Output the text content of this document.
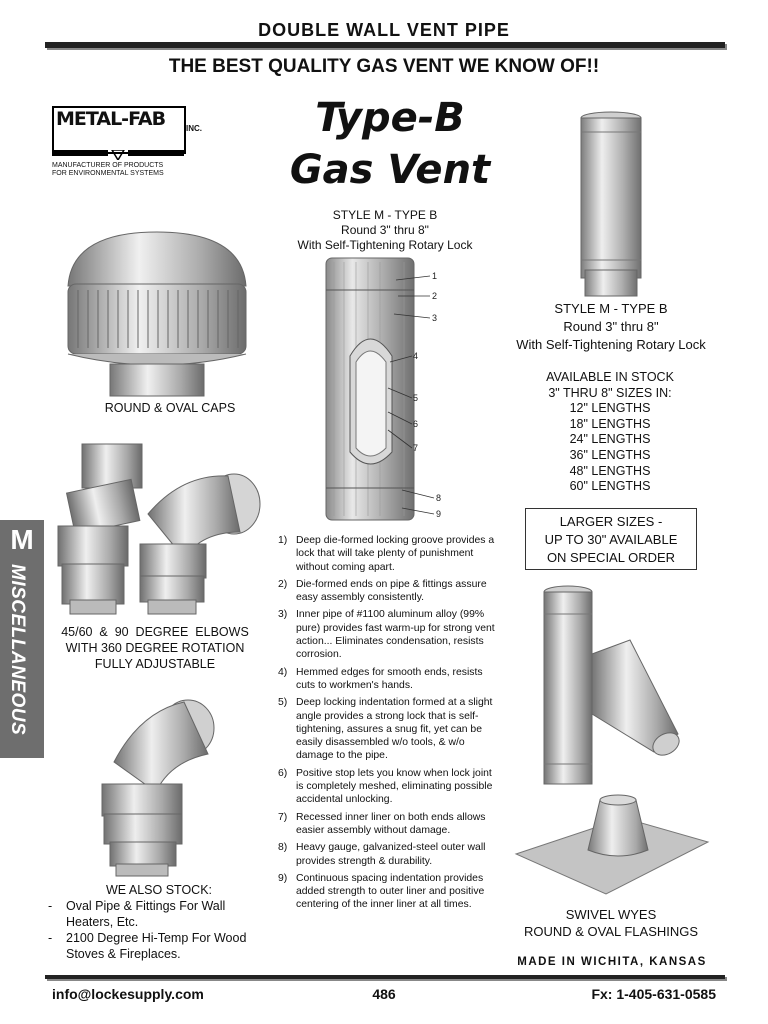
DOUBLE WALL VENT PIPE
THE BEST QUALITY GAS VENT WE KNOW OF!!
METAL-FAB	INC.
MANUFACTURER OF PRODUCTS
FOR ENVIRONMENTAL SYSTEMS
Type-B
Gas Vent
STYLE M - TYPE B
Round 3" thru 8"
With Self-Tightening Rotary Lock
1
2
3
4
5
6
7
8
9
STYLE M - TYPE B
Round 3" thru 8"
With Self-Tightening Rotary Lock
AVAILABLE IN STOCK
3" THRU 8" SIZES IN:
12" LENGTHS
18" LENGTHS
24" LENGTHS
36" LENGTHS
48" LENGTHS
60" LENGTHS
LARGER SIZES -
UP TO 30" AVAILABLE
ON SPECIAL ORDER
ROUND & OVAL CAPS
45/60  &  90  DEGREE  ELBOWS
WITH 360 DEGREE ROTATION
FULLY ADJUSTABLE
WE ALSO STOCK:
-	Oval Pipe & Fittings For Wall Heaters, Etc.
-	2100 Degree Hi-Temp For Wood Stoves & Fireplaces.
1) Deep die-formed locking groove provides a lock that will take plenty of punishment without coming apart.
2) Die-formed ends on pipe & fittings assure easy assembly consistently.
3) Inner pipe of #1100 aluminum alloy (99% pure) provides fast warm-up for strong vent action... Eliminates condensation, resists corrosion.
4) Hemmed edges for smooth ends, resists cuts to workmen's hands.
5) Deep locking indentation formed at a slight angle provides a strong lock that is self-tightening, assures a snug fit, yet can be easily disassembled w/o tools, & w/o damage to the pipe.
6) Positive stop lets you know when lock joint is completely meshed, eliminating possible accidental unlocking.
7) Recessed inner liner on both ends allows easier assembly without damage.
8) Heavy gauge, galvanized-steel outer wall provides strength & durability.
9) Continuous spacing indentation provides added strength to outer liner and positive centering of the inner liner at all times.
SWIVEL WYES
ROUND & OVAL FLASHINGS
MADE IN WICHITA, KANSAS
M
MISCELLANEOUS
info@lockesupply.com	486	Fx: 1-405-631-0585
